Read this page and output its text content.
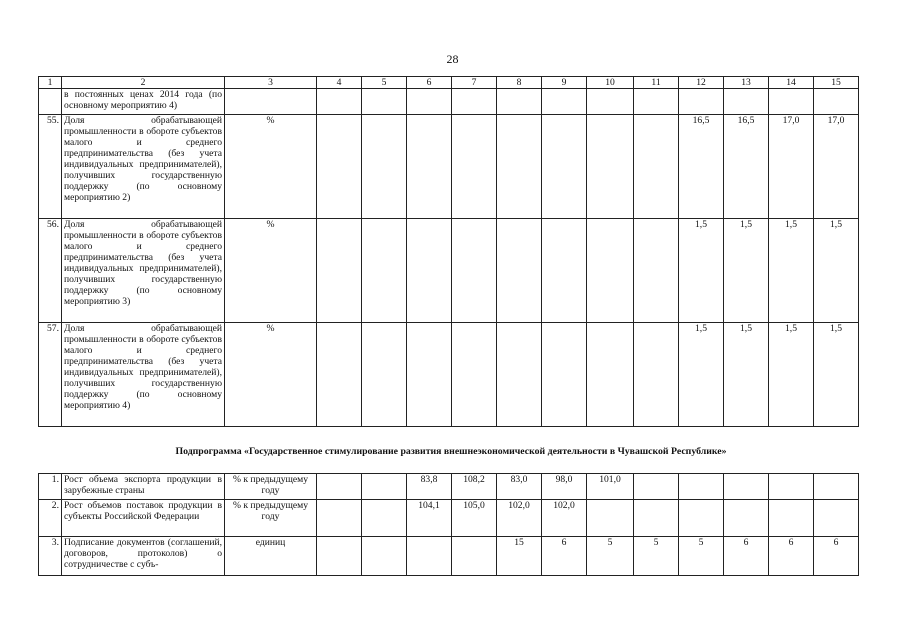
28
1	2	3	4	5	6	7	8	9	10	11	12	13	14	15
	в постоянных ценах 2014 года (по основному мероприятию 4)													
55.	Доля обрабатывающей промышленности в обороте субъектов малого и среднего предпринимательства (без учета индивидуальных предпринимателей), получивших государственную поддержку (по основному мероприятию 2)	%									16,5	16,5	17,0	17,0
56.	Доля обрабатывающей промышленности в обороте субъектов малого и среднего предпринимательства (без учета индивидуальных предпринимателей), получивших государственную поддержку (по основному мероприятию 3)	%									1,5	1,5	1,5	1,5
57.	Доля обрабатывающей промышленности в обороте субъектов малого и среднего предпринимательства (без учета индивидуальных предпринимателей), получивших государственную поддержку (по основному мероприятию 4)	%									1,5	1,5	1,5	1,5
Подпрограмма «Государственное стимулирование развития внешнеэкономической деятельности в Чувашской Республике»
1.	Рост объема экспорта продукции в зарубежные страны	% к предыдущему году			83,8	108,2	83,0	98,0	101,0					
2.	Рост объемов поставок продукции в субъекты Российской Федерации	% к предыдущему году			104,1	105,0	102,0	102,0						
3.	Подписание документов (соглашений, договоров, протоколов) о сотрудничестве с субъ-	единиц					15	6	5	5	5	6	6	6
